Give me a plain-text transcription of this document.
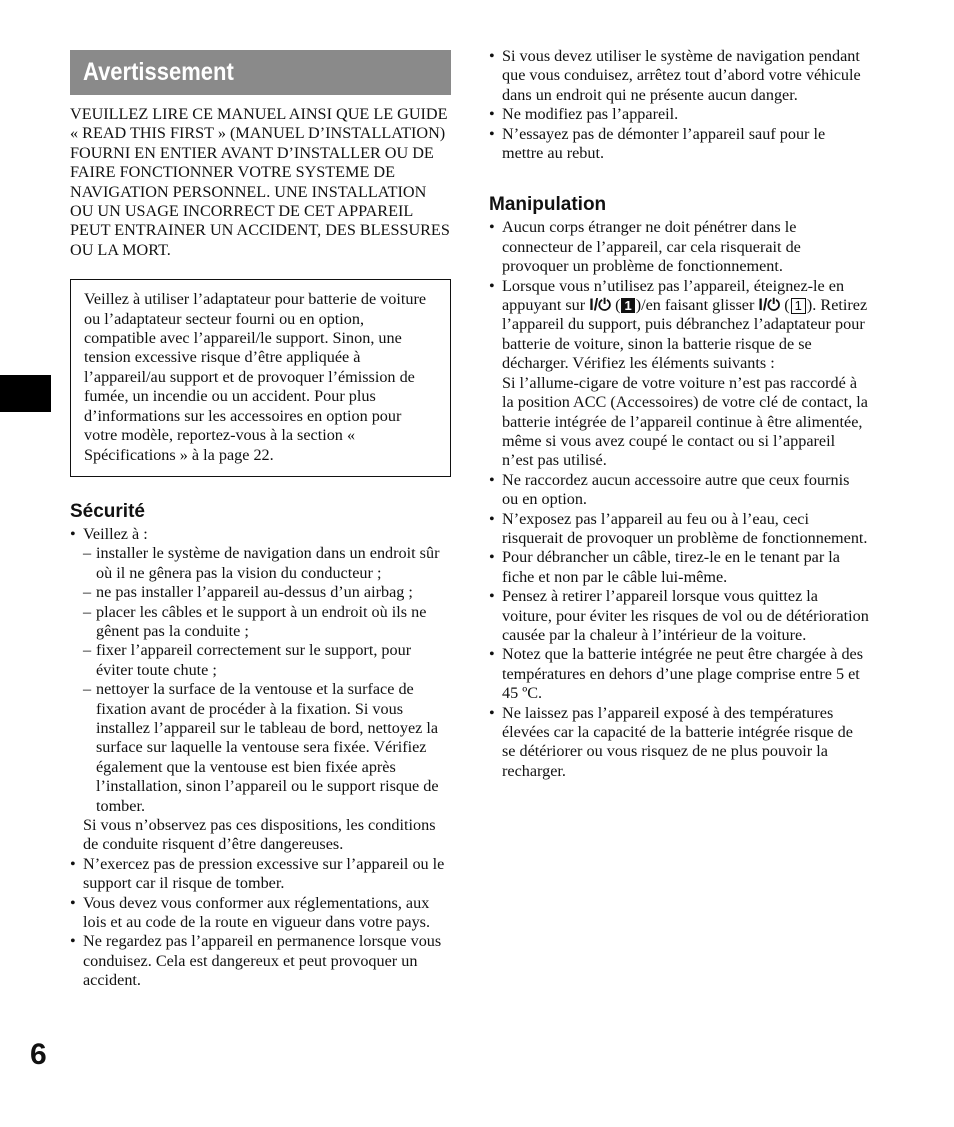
Avertissement
VEUILLEZ LIRE CE MANUEL AINSI QUE LE GUIDE « READ THIS FIRST » (MANUEL D’INSTALLATION) FOURNI EN ENTIER AVANT D’INSTALLER OU DE FAIRE FONCTIONNER VOTRE SYSTEME DE NAVIGATION PERSONNEL. UNE INSTALLATION OU UN USAGE INCORRECT DE CET APPAREIL PEUT ENTRAINER UN ACCIDENT, DES BLESSURES OU LA MORT.
Veillez à utiliser l’adaptateur pour batterie de voiture ou l’adaptateur secteur fourni ou en option, compatible avec l’appareil/le support. Sinon, une tension excessive risque d’être appliquée à l’appareil/au support et de provoquer l’émission de fumée, un incendie ou un accident. Pour plus d’informations sur les accessoires en option pour votre modèle, reportez-vous à la section « Spécifications » à la page 22.
Sécurité
• Veillez à :
– installer le système de navigation dans un endroit sûr où il ne gênera pas la vision du conducteur ;
– ne pas installer l’appareil au-dessus d’un airbag ;
– placer les câbles et le support à un endroit où ils ne gênent pas la conduite ;
– fixer l’appareil correctement sur le support, pour éviter toute chute ;
– nettoyer la surface de la ventouse et la surface de fixation avant de procéder à la fixation. Si vous installez l’appareil sur le tableau de bord, nettoyez la surface sur laquelle la ventouse sera fixée. Vérifiez également que la ventouse est bien fixée après l’installation, sinon l’appareil ou le support risque de tomber.
Si vous n’observez pas ces dispositions, les conditions de conduite risquent d’être dangereuses.
• N’exercez pas de pression excessive sur l’appareil ou le support car il risque de tomber.
• Vous devez vous conformer aux réglementations, aux lois et au code de la route en vigueur dans votre pays.
• Ne regardez pas l’appareil en permanence lorsque vous conduisez. Cela est dangereux et peut provoquer un accident.
• Si vous devez utiliser le système de navigation pendant que vous conduisez, arrêtez tout d’abord votre véhicule dans un endroit qui ne présente aucun danger.
• Ne modifiez pas l’appareil.
• N’essayez pas de démonter l’appareil sauf pour le mettre au rebut.
Manipulation
• Aucun corps étranger ne doit pénétrer dans le connecteur de l’appareil, car cela risquerait de provoquer un problème de fonctionnement.
• Lorsque vous n’utilisez pas l’appareil, éteignez-le en appuyant sur I/⏻ ( 1 )/en faisant glisser I/⏻ ( 1 ). Retirez l’appareil du support, puis débranchez l’adaptateur pour batterie de voiture, sinon la batterie risque de se décharger. Vérifiez les éléments suivants :
Si l’allume-cigare de votre voiture n’est pas raccordé à la position ACC (Accessoires) de votre clé de contact, la batterie intégrée de l’appareil continue à être alimentée, même si vous avez coupé le contact ou si l’appareil n’est pas utilisé.
• Ne raccordez aucun accessoire autre que ceux fournis ou en option.
• N’exposez pas l’appareil au feu ou à l’eau, ceci risquerait de provoquer un problème de fonctionnement.
• Pour débrancher un câble, tirez-le en le tenant par la fiche et non par le câble lui-même.
• Pensez à retirer l’appareil lorsque vous quittez la voiture, pour éviter les risques de vol ou de détérioration causée par la chaleur à l’intérieur de la voiture.
• Notez que la batterie intégrée ne peut être chargée à des températures en dehors d’une plage comprise entre 5 et 45 ºC.
• Ne laissez pas l’appareil exposé à des températures élevées car la capacité de la batterie intégrée risque de se détériorer ou vous risquez de ne plus pouvoir la recharger.
6
